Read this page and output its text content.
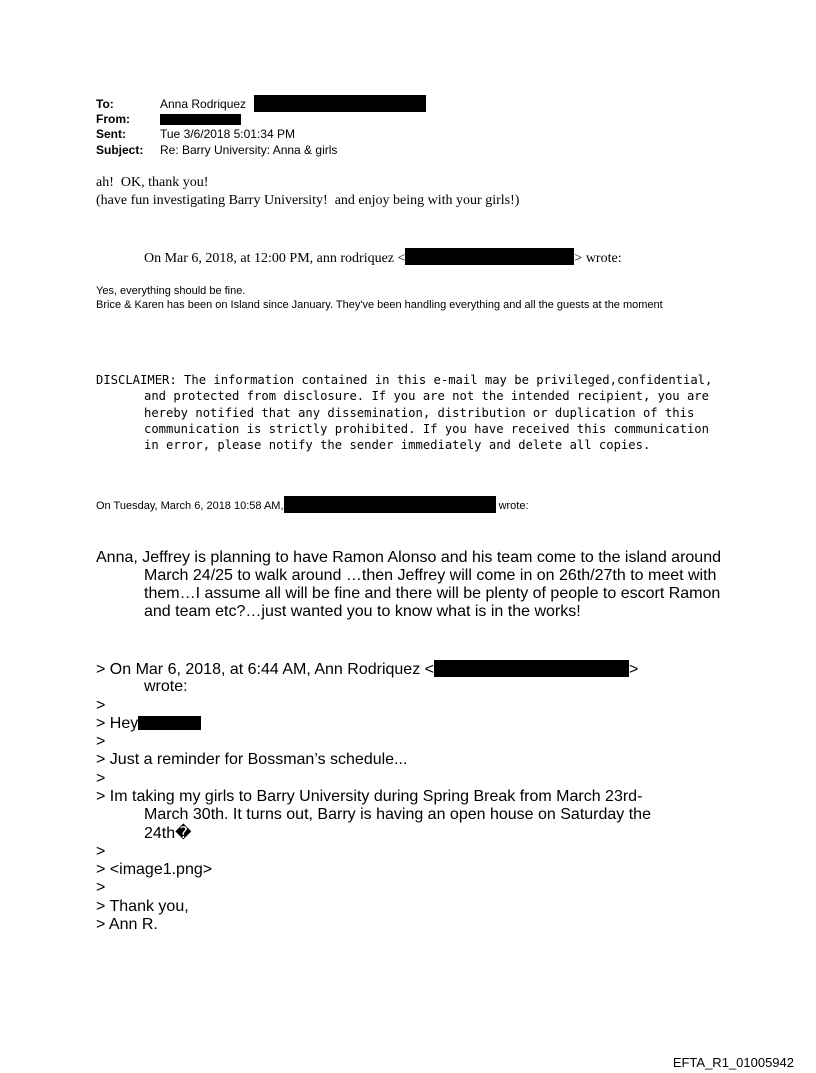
To:	Anna Rodriquez
From:
Sent:	Tue 3/6/2018 5:01:34 PM
Subject: Re: Barry University: Anna & girls
ah!  OK, thank you!
(have fun investigating Barry University!  and enjoy being with your girls!)
On Mar 6, 2018, at 12:00 PM, ann rodriquez <	> wrote:
Yes, everything should be fine.
Brice & Karen has been on Island since January. They've been handling everything and all the guests at the moment
DISCLAIMER: The information contained in this e-mail may be privileged,confidential, and protected from disclosure. If you are not the intended recipient, you are hereby notified that any dissemination, distribution or duplication of this communication is strictly prohibited. If you have received this communication in error, please notify the sender immediately and delete all copies.
On Tuesday, March 6, 2018 10:58 AM,	wrote:
Anna, Jeffrey is planning to have Ramon Alonso and his team come to the island around March 24/25 to walk around …then Jeffrey will come in on 26th/27th to meet with them…I assume all will be fine and there will be plenty of people to escort Ramon and team etc?…just wanted you to know what is in the works!
> On Mar 6, 2018, at 6:44 AM, Ann Rodriquez <	>
wrote:
>
> Hey
>
> Just a reminder for Bossman’s schedule...
>
> Im taking my girls to Barry University during Spring Break from March 23rd-
March 30th. It turns out, Barry is having an open house on Saturday the
24th�
>
> <image1.png>
>
> Thank you,
> Ann R.
EFTA_R1_01005942
